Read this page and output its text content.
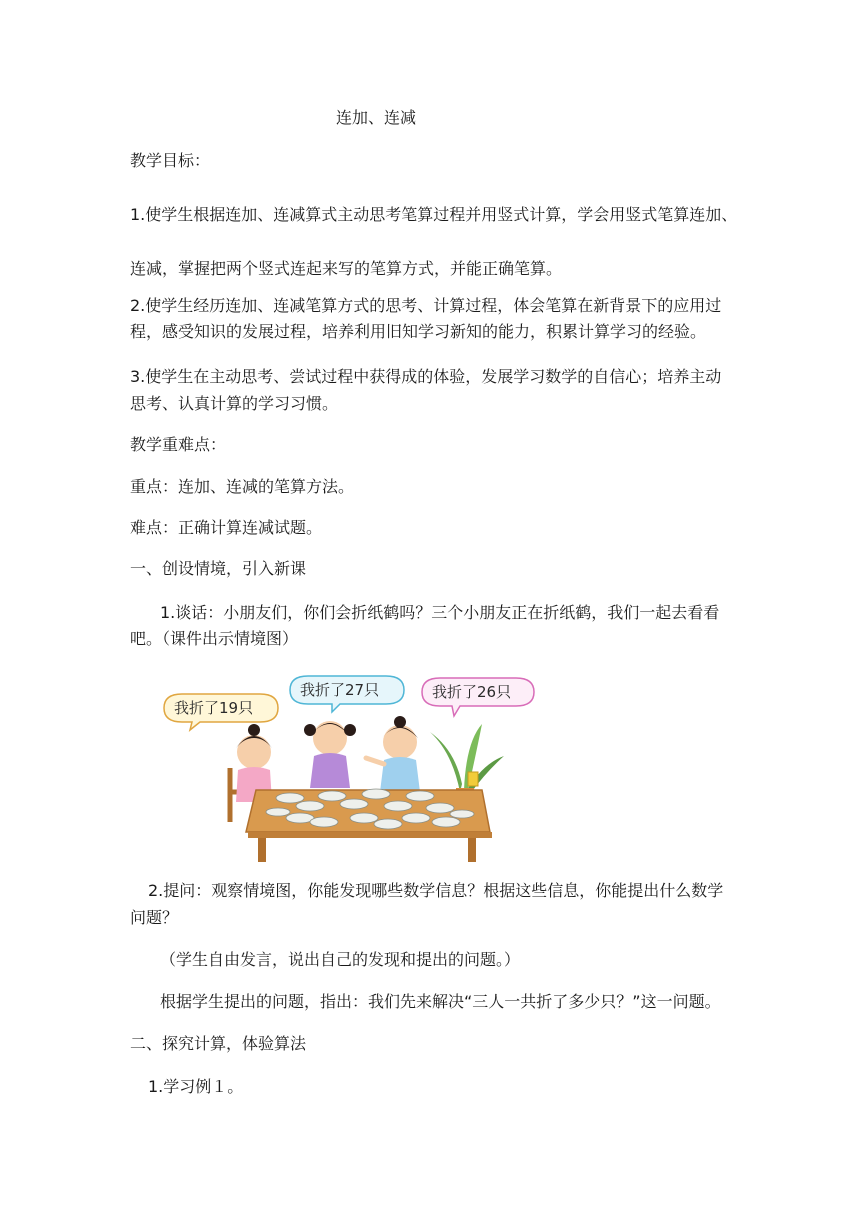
连加、连减
教学目标：
1.使学生根据连加、连减算式主动思考笔算过程并用竖式计算，学会用竖式笔算连加、
连减，掌握把两个竖式连起来写的笔算方式，并能正确笔算。
2.使学生经历连加、连减笔算方式的思考、计算过程，体会笔算在新背景下的应用过
程，感受知识的发展过程，培养利用旧知学习新知的能力，积累计算学习的经验。
3.使学生在主动思考、尝试过程中获得成的体验，发展学习数学的自信心；培养主动
思考、认真计算的学习习惯。
教学重难点：
重点：连加、连减的笔算方法。
难点：正确计算连减试题。
一、创设情境，引入新课
1.谈话：小朋友们，你们会折纸鹤吗？三个小朋友正在折纸鹤，我们一起去看看
吧。（课件出示情境图）
我折了19只
我折了27只	我折了26只
2.提问：观察情境图，你能发现哪些数学信息？根据这些信息，你能提出什么数学
问题？
（学生自由发言，说出自己的发现和提出的问题。）
根据学生提出的问题，指出：我们先来解决“三人一共折了多少只？”这一问题。
二、探究计算，体验算法
1.学习例１。
